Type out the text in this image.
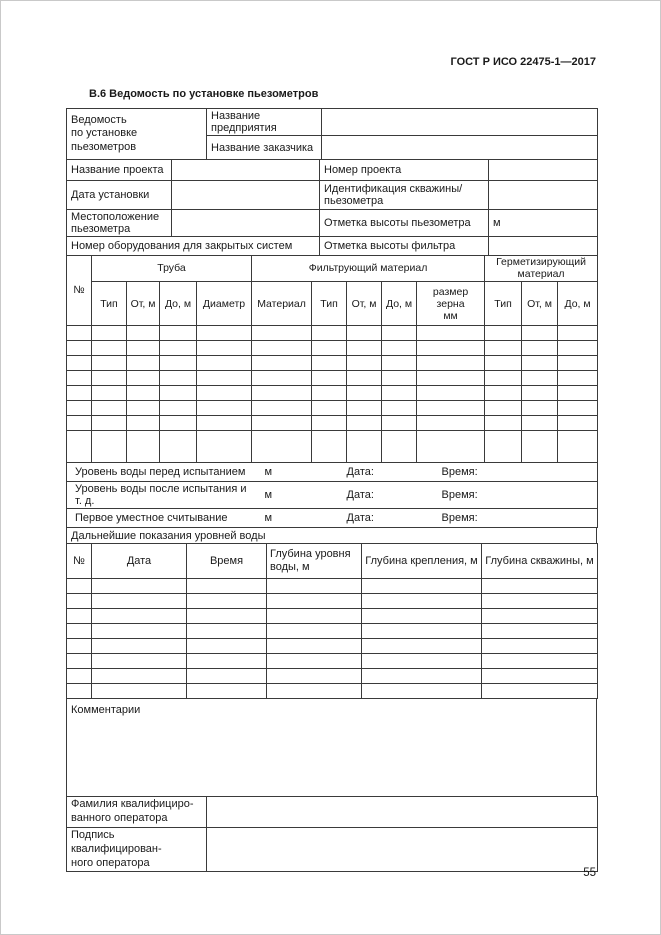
ГОСТ Р ИСО 22475-1—2017
В.6 Ведомость по установке пьезометров
Ведомость
по установке
пьезометров	Название предприятия	
	Название заказчика	
Название проекта		Номер проекта	
Дата установки		Идентификация скважины/пьезометра	
Местоположение пьезометра		Отметка высоты пьезометра	м
Номер оборудования для закрытых систем		Отметка высоты фильтра	
№	Труба				Фильтрующий материал					Герметизирующий материал		
	Тип	От, м	До, м	Диаметр	Материал	Тип	От, м	До, м	размер зерна мм	Тип	От, м	До, м

Уровень воды перед испытанием	м	Дата:	Время:
Уровень воды после испытания и т. д.	м	Дата:	Время:
Первое уместное считывание	м	Дата:	Время:
Дальнейшие показания уровней воды
№	Дата	Время	Глубина уровня воды, м	Глубина крепления, м	Глубина скважины, м

Комментарии
Фамилия квалифициро-
ванного оператора	

Подпись квалифицирован-
ного оператора	

55
